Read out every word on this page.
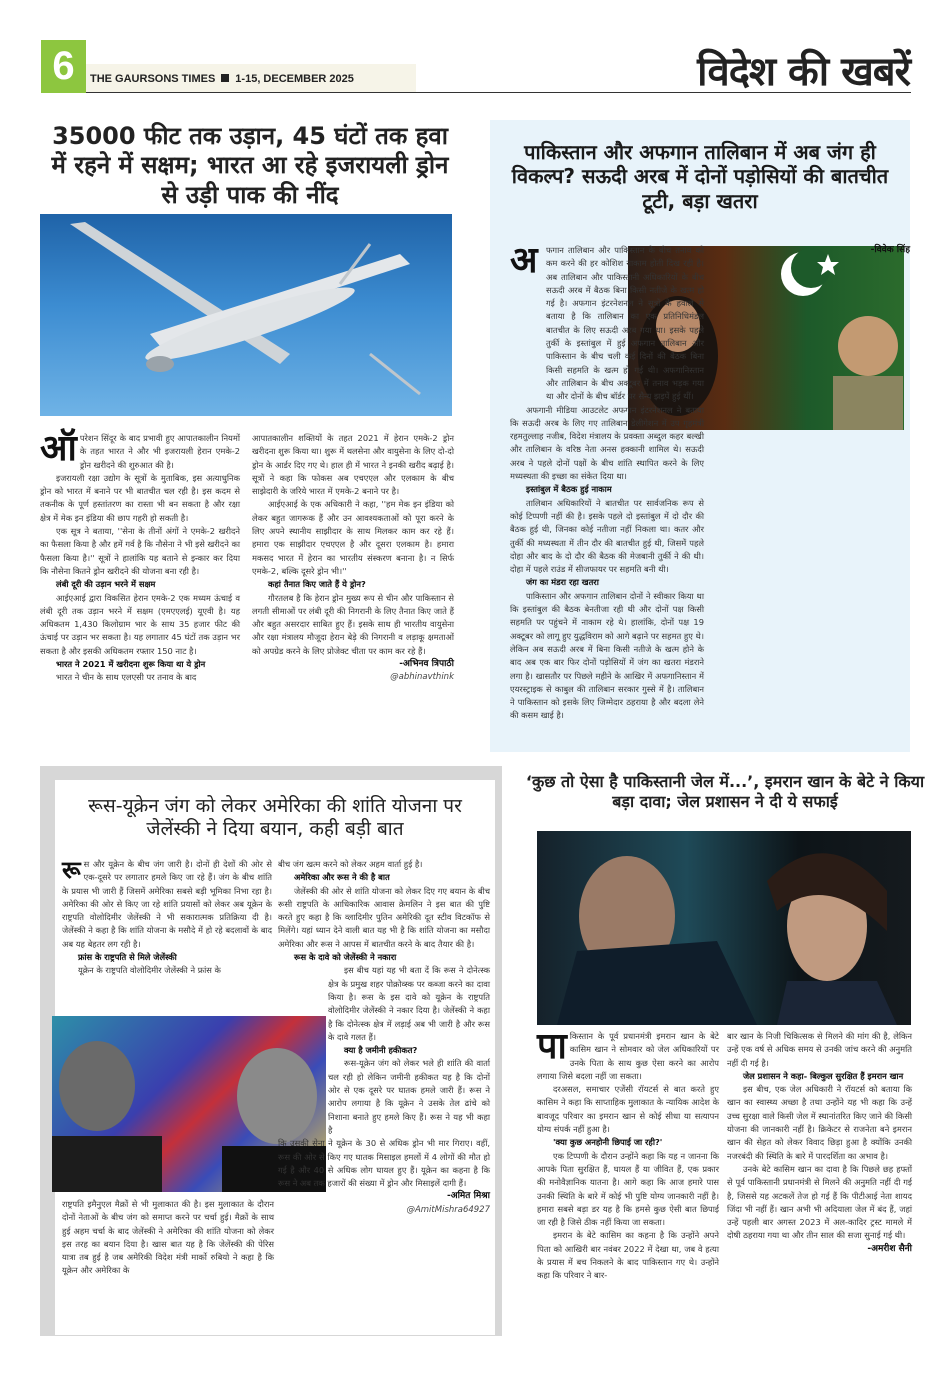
6	THE GAURSONS TIMES 1-15, DECEMBER 2025	विदेश की खबरें
35000 फीट तक उड़ान, 45 घंटों तक हवा में रहने में सक्षम; भारत आ रहे इजरायली ड्रोन से उड़ी पाक की नींद

ऑपरेशन सिंदूर के बाद प्रभावी हुए आपातकालीन नियमों के तहत भारत ने और भी इजरायली हेरान एमके-2 ड्रोन खरीदने की शुरुआत की है।

इजरायली रक्षा उद्योग के सूत्रों के मुताबिक, इस अत्याधुनिक ड्रोन को भारत में बनाने पर भी बातचीत चल रही है। इस कदम से तकनीक के पूर्ण हस्तांतरण का रास्ता भी बन सकता है और रक्षा क्षेत्र में मेक इन इंडिया की छाप गहरी हो सकती है।

एक सूत्र ने बताया, ''सेना के तीनों अंगों ने एमके-2 खरीदने का फैसला किया है और हमें गर्व है कि नौसेना ने भी इसे खरीदने का फैसला किया है।'' सूत्रों ने हालांकि यह बताने से इन्कार कर दिया कि नौसेना कितने ड्रोन खरीदने की योजना बना रही है।

लंबी दूरी की उड़ान भरने में सक्षम

आईएआई द्वारा विकसित हेरान एमके-2 एक मध्यम ऊंचाई व लंबी दूरी तक उड़ान भरने में सक्षम (एमएएलई) यूएवी है। यह अधिकतम 1,430 किलोग्राम भार के साथ 35 हजार फीट की ऊंचाई पर उड़ान भर सकता है। यह लगातार 45 घंटों तक उड़ान भर सकता है और इसकी अधिकतम रफ्तार 150 नाट है।

भारत ने 2021 में खरीदना शुरू किया था ये ड्रोन

भारत ने चीन के साथ एलएसी पर तनाव के बाद

आपातकालीन शक्तियों के तहत 2021 में हेरान एमके-2 ड्रोन खरीदना शुरू किया था। शुरू में थलसेना और वायुसेना के लिए दो-दो ड्रोन के आर्डर दिए गए थे। हाल ही में भारत ने इनकी खरीद बढ़ाई है। सूत्रों ने कहा कि फोकस अब एचएएल और एलकाम के बीच साझेदारी के जरिये भारत में एमके-2 बनाने पर है।

आईएआई के एक अधिकारी ने कहा, ''हम मेक इन इंडिया को लेकर बहुत जागरूक हैं और उन आवश्यकताओं को पूरा करने के लिए अपने स्थानीय साझीदार के साथ मिलकर काम कर रहे हैं। हमारा एक साझीदार एचएएल है और दूसरा एलकाम है। हमारा मकसद भारत में हेरान का भारतीय संस्करण बनाना है। न सिर्फ एमके-2, बल्कि दूसरे ड्रोन भी।''

कहां तैनात किए जाते हैं ये ड्रोन?

गौरतलब है कि हेरान ड्रोन मुख्य रूप से चीन और पाकिस्तान से लगती सीमाओं पर लंबी दूरी की निगरानी के लिए तैनात किए जाते हैं और बहुत असरदार साबित हुए हैं। इसके साथ ही भारतीय वायुसेना और रक्षा मंत्रालय मौजूदा हेरान बेड़े की निगरानी व लड़ाकू क्षमताओं को अपग्रेड करने के लिए प्रोजेक्ट चीता पर काम कर रहे हैं।

-अभिनव त्रिपाठी
@abhinavthink
पाकिस्तान और अफगान तालिबान में अब जंग ही विकल्प? सऊदी अरब में दोनों पड़ोसियों की बातचीत टूटी, बड़ा खतरा

अ	फगान तालिबान और पाकिस्तान के बीच तनाव को कम करने की हर कोशिश नाकाम होती दिख रही है। अब तालिबान और पाकिस्तानी अधिकारियों के बीच सऊदी अरब में बैठक बिना किसी नतीजे के खत्म हो गई है। अफगान इंटरनेशनल ने सूत्रों के हवाले से बताया है कि तालिबान का एक प्रतिनिधिमंडल बातचीत के लिए सऊदी अरब गया था। इसके पहले तुर्की के इस्तांबुल में हुई अफगान तालिबान और पाकिस्तान के बीच चली कई दिनों की बैठक बिना किसी सहमति के खत्म हो गई थी। अफगानिस्तान और तालिबान के बीच अक्टूबर में तनाव भड़क गया था और दोनों के बीच बॉर्डर पर सैन्य झड़पें हुई थीं।

अफगानी मीडिया आउटलेट अफगान इंटरनेशनल ने बताया कि सऊदी अरब के लिए गए तालिबान डेलीगेशन में उप गृहमंत्री रहमतुल्लाह नजीब, विदेश मंत्रालय के प्रवक्ता अब्दुल कहर बल्खी और तालिबान के वरिष्ठ नेता अनस हक्कानी शामिल थे। सऊदी अरब ने पहले दोनों पक्षों के बीच शांति स्थापित करने के लिए मध्यस्थता की इच्छा का संकेत दिया था।

इस्तांबुल में बैठक हुई नाकाम

तालिबान अधिकारियों ने बातचीत पर सार्वजनिक रूप से कोई टिप्पणी नहीं की है। इसके पहले दो इस्तांबुल में दो दौर की बैठक हुई थी, जिनका कोई नतीजा नहीं निकला था। कतर और तुर्की की मध्यस्थता में तीन दौर की बातचीत हुई थी, जिसमें पहले दोहा और बाद के दो दौर की बैठक की मेजबानी तुर्की ने की थी। दोहा में पहले राउंड में सीजफायर पर सहमति बनी थी।

जंग का मंडरा रहा खतरा

पाकिस्तान और अफगान तालिबान दोनों ने स्वीकार किया था कि इस्तांबुल की बैठक बेनतीजा रही थी और दोनों पक्ष किसी सहमति पर पहुंचने में नाकाम रहे थे। हालांकि, दोनों पक्ष 19 अक्टूबर को लागू हुए युद्धविराम को आगे बढ़ाने पर सहमत हुए थे। लेकिन अब सऊदी अरब में बिना किसी नतीजे के खत्म होने के बाद अब एक बार फिर दोनों पड़ोसियों में जंग का खतरा मंडराने लगा है। खासतौर पर पिछले महीने के आखिर में अफगानिस्तान में एयरस्ट्राइक से काबुल की तालिबान सरकार गुस्से में है। तालिबान ने पाकिस्तान को इसके लिए जिम्मेदार ठहराया है और बदला लेने की कसम खाई है।

-विवेक सिंह
रूस-यूक्रेन जंग को लेकर अमेरिका की शांति योजना पर जेलेंस्की ने दिया बयान, कही बड़ी बात

रूस और यूक्रेन के बीच जंग जारी है। दोनों ही देशों की ओर से एक-दूसरे पर लगातार हमले किए जा रहे हैं। जंग के बीच शांति के प्रयास भी जारी हैं जिसमें अमेरिका सबसे बड़ी भूमिका निभा रहा है। अमेरिका की ओर से किए जा रहे शांति प्रयासों को लेकर अब यूक्रेन के राष्ट्रपति वोलोदिमीर जेलेंस्की ने भी सकारात्मक प्रतिक्रिया दी है। जेलेंस्की ने कहा है कि शांति योजना के मसौदे में हो रहे बदलावों के बाद अब यह बेहतर लग रही है।

फ्रांस के राष्ट्रपति से मिले जेलेंस्की

यूक्रेन के राष्ट्रपति वोलोदिमीर जेलेंस्की ने फ्रांस के

राष्ट्रपति इमैनुएल मैक्रों से भी मुलाकात की है। इस मुलाकात के दौरान दोनों नेताओं के बीच जंग को समाप्त करने पर चर्चा हुई। मैक्रों के साथ हुई अहम चर्चा के बाद जेलेंस्की ने अमेरिका की शांति योजना को लेकर इस तरह का बयान दिया है। खास बात यह है कि जेलेंस्की की पेरिस यात्रा तब हुई है जब अमेरिकी विदेश मंत्री मार्को रुबियो ने कहा है कि यूक्रेन और अमेरिका के

बीच जंग खत्म करने को लेकर अहम वार्ता हुई है।

अमेरिका और रूस ने की है बात

जेलेंस्की की ओर से शांति योजना को लेकर दिए गए बयान के बीच रूसी राष्ट्रपति के आधिकारिक आवास क्रेमलिन ने इस बात की पुष्टि करते हुए कहा है कि व्लादिमीर पुतिन अमेरिकी दूत स्टीव विटकॉफ से मिलेंगे। यहां ध्यान देने वाली बात यह भी है कि शांति योजना का मसौदा अमेरिका और रूस ने आपस में बातचीत करने के बाद तैयार की है।

रूस के दावे को जेलेंस्की ने नकारा

इस बीच यहां यह भी बता दें कि रूस ने दोनेत्स्क क्षेत्र के प्रमुख शहर पोक्रोव्स्क पर कब्जा करने का दावा किया है। रूस के इस दावे को यूक्रेन के राष्ट्रपति वोलोदिमीर जेलेंस्की ने नकार दिया है। जेलेंस्की ने कहा है कि दोनेत्स्क क्षेत्र में लड़ाई अब भी जारी है और रूस के दावे गलत हैं।

क्या है जमीनी हकीकत?

रूस-यूक्रेन जंग को लेकर भले ही शांति की वार्ता चल रही हो लेकिन जमीनी हकीकत यह है कि दोनों ओर से एक दूसरे पर घातक हमले जारी हैं। रूस ने आरोप लगाया है कि यूक्रेन ने उसके तेल ढांचे को निशाना बनाते हुए हमले किए हैं। रूस ने यह भी कहा है

कि उसकी सेना ने यूक्रेन के 30 से अधिक ड्रोन भी मार गिराए। वहीं, रूस की ओर से किए गए घातक मिसाइल हमलों में 4 लोगों की मौत हो गई है और 40 से अधिक लोग घायल हुए हैं। यूक्रेन का कहना है कि रूस ने अब तक हजारों की संख्या में ड्रोन और मिसाइलें दागी हैं।

-अमित मिश्रा
@AmitMishra64927
‘कुछ तो ऐसा है पाकिस्तानी जेल में...’, इमरान खान के बेटे ने किया बड़ा दावा; जेल प्रशासन ने दी ये सफाई

पाकिस्तान के पूर्व प्रधानमंत्री इमरान खान के बेटे कासिम खान ने सोमवार को जेल अधिकारियों पर उनके पिता के साथ कुछ ऐसा करने का आरोप लगाया जिसे बदला नहीं जा सकता।

दरअसल, समाचार एजेंसी रॉयटर्स से बात करते हुए कासिम ने कहा कि साप्ताहिक मुलाकात के न्यायिक आदेश के बावजूद परिवार का इमरान खान से कोई सीधा या सत्यापन योग्य संपर्क नहीं हुआ है।

'क्या कुछ अनहोनी छिपाई जा रही?'

एक टिप्पणी के दौरान उन्होंने कहा कि यह न जानना कि आपके पिता सुरक्षित हैं, घायल हैं या जीवित हैं, एक प्रकार की मनोवैज्ञानिक यातना है। आगे कहा कि आज हमारे पास उनकी स्थिति के बारे में कोई भी पुष्टि योग्य जानकारी नहीं है। हमारा सबसे बड़ा डर यह है कि हमसे कुछ ऐसी बात छिपाई जा रही है जिसे ठीक नहीं किया जा सकता।

इमरान के बेटे कासिम का कहना है कि उन्होंने अपने पिता को आखिरी बार नवंबर 2022 में देखा था, जब वे हत्या के प्रयास में बच निकलने के बाद पाकिस्तान गए थे। उन्होंने कहा कि परिवार ने बार-

बार खान के निजी चिकित्सक से मिलने की मांग की है, लेकिन उन्हें एक वर्ष से अधिक समय से उनकी जांच करने की अनुमति नहीं दी गई है।

जेल प्रशासन ने कहा- बिल्कुल सुरक्षित हैं इमरान खान

इस बीच, एक जेल अधिकारी ने रॉयटर्स को बताया कि खान का स्वास्थ्य अच्छा है तथा उन्होंने यह भी कहा कि उन्हें उच्च सुरक्षा वाले किसी जेल में स्थानांतरित किए जाने की किसी योजना की जानकारी नहीं है। क्रिकेटर से राजनेता बने इमरान खान की सेहत को लेकर विवाद छिड़ा हुआ है क्योंकि उनकी नजरबंदी की स्थिति के बारे में पारदर्शिता का अभाव है।

उनके बेटे कासिम खान का दावा है कि पिछले छह हफ्तों से पूर्व पाकिस्तानी प्रधानमंत्री से मिलने की अनुमति नहीं दी गई है, जिससे यह अटकलें तेज हो गई हैं कि पीटीआई नेता शायद जिंदा भी नहीं हैं। खान अभी भी अदियाला जेल में बंद हैं, जहां उन्हें पहली बार अगस्त 2023 में अल-कादिर ट्रस्ट मामले में दोषी ठहराया गया था और तीन साल की सजा सुनाई गई थी।

-अमरीश सैनी
